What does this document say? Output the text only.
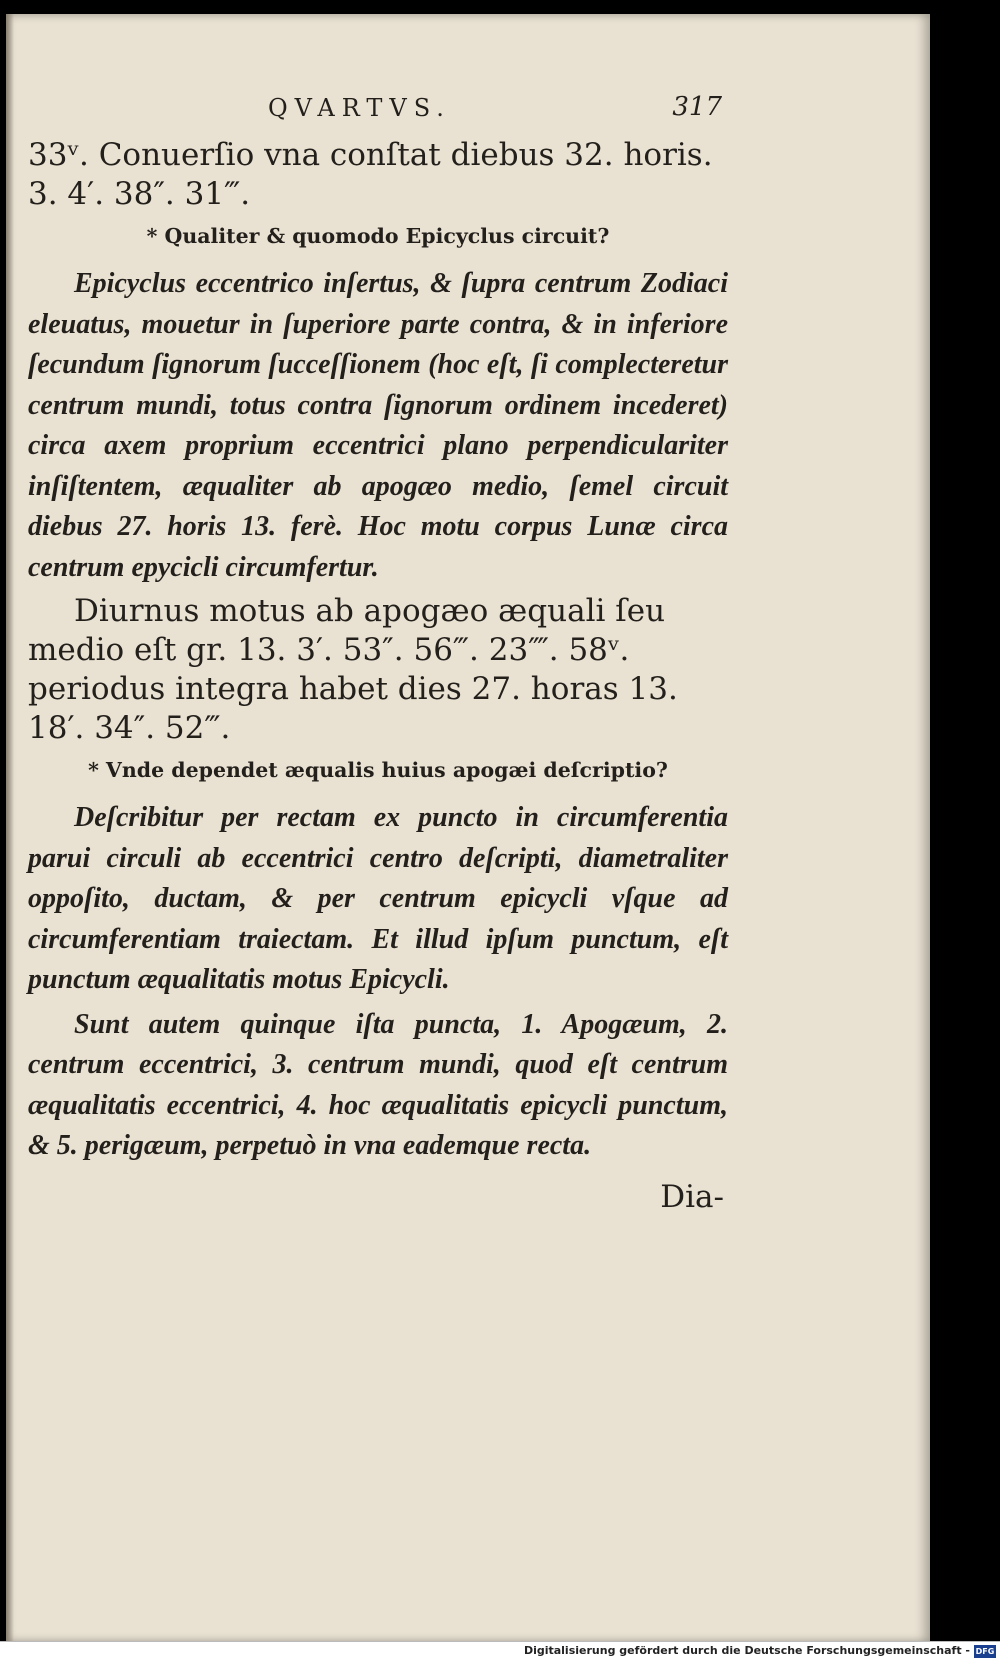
QVARTVS.	317

33ᵛ. Conuerſio vna conſtat diebus 32. horis. 3. 4′. 38″. 31‴.

* Qualiter & quomodo Epicyclus circuit?

Epicyclus eccentrico inſertus, & ſupra centrum Zodiaci eleuatus, mouetur in ſuperiore parte contra, & in inferiore ſecundum ſignorum ſucceſſionem (hoc eſt, ſi complecteretur centrum mundi, totus contra ſignorum ordinem incederet) circa axem proprium eccentrici plano perpendiculariter inſiſtentem, æqualiter ab apogæo medio, ſemel circuit diebus 27. horis 13. ferè. Hoc motu corpus Lunæ circa centrum epycicli circumfertur.

Diurnus motus ab apogæo æquali ſeu medio eſt gr. 13. 3′. 53″. 56‴. 23⁗. 58ᵛ. periodus integra habet dies 27. horas 13. 18′. 34″. 52‴.

* Vnde dependet æqualis huius apogæi deſcriptio?

Deſcribitur per rectam ex puncto in circumferentia parui circuli ab eccentrici centro deſcripti, diametraliter oppoſito, ductam, & per centrum epicycli vſque ad circumferentiam traiectam. Et illud ipſum punctum, eſt punctum æqualitatis motus Epicycli.

Sunt autem quinque iſta puncta, 1. Apogæum, 2. centrum eccentrici, 3. centrum mundi, quod eſt centrum æqualitatis eccentrici, 4. hoc æqualitatis epicycli punctum, & 5. perigæum, perpetuò in vna eademque recta.

Dia-

Digitalisierung gefördert durch die Deutsche Forschungsgemeinschaft - DFG
